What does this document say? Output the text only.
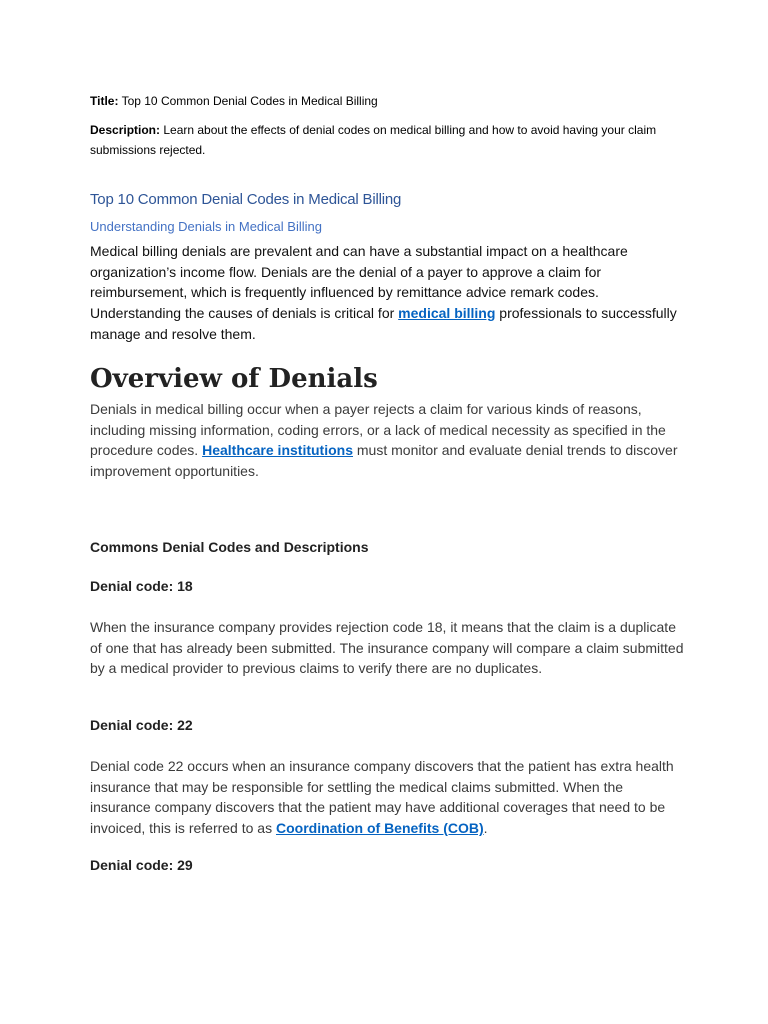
Title: Top 10 Common Denial Codes in Medical Billing
Description: Learn about the effects of denial codes on medical billing and how to avoid having your claim submissions rejected.
Top 10 Common Denial Codes in Medical Billing
Understanding Denials in Medical Billing

Medical billing denials are prevalent and can have a substantial impact on a healthcare organization’s income flow. Denials are the denial of a payer to approve a claim for reimbursement, which is frequently influenced by remittance advice remark codes. Understanding the causes of denials is critical for medical billing professionals to successfully manage and resolve them.

Overview of Denials

Denials in medical billing occur when a payer rejects a claim for various kinds of reasons, including missing information, coding errors, or a lack of medical necessity as specified in the procedure codes. Healthcare institutions must monitor and evaluate denial trends to discover improvement opportunities.

Commons Denial Codes and Descriptions
Denial code: 18

When the insurance company provides rejection code 18, it means that the claim is a duplicate of one that has already been submitted. The insurance company will compare a claim submitted by a medical provider to previous claims to verify there are no duplicates.

Denial code: 22

Denial code 22 occurs when an insurance company discovers that the patient has extra health insurance that may be responsible for settling the medical claims submitted. When the insurance company discovers that the patient may have additional coverages that need to be invoiced, this is referred to as Coordination of Benefits (COB).

Denial code: 29
